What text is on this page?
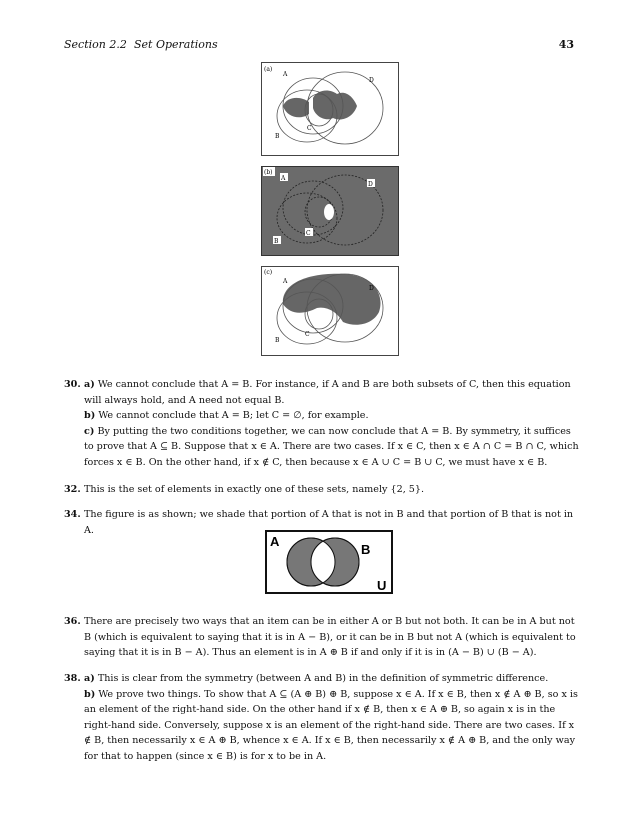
Section 2.2 Set Operations	43
(a)
A
D
B
C
(b)
A
D
C
B
(c)
A
D
C
B
30. a) We cannot conclude that A = B. For instance, if A and B are both subsets of C, then this equation will always hold, and A need not equal B.

b) We cannot conclude that A = B; let C = ∅, for example.

c) By putting the two conditions together, we can now conclude that A = B. By symmetry, it suffices to prove that A ⊆ B. Suppose that x ∈ A. There are two cases. If x ∈ C, then x ∈ A ∩ C = B ∩ C, which forces x ∈ B. On the other hand, if x ∉ C, then because x ∈ A ∪ C = B ∪ C, we must have x ∈ B.

32. This is the set of elements in exactly one of these sets, namely {2, 5}.

34. The figure is as shown; we shade that portion of A that is not in B and that portion of B that is not in A.

A
B
U
36. There are precisely two ways that an item can be in either A or B but not both. It can be in A but not B (which is equivalent to saying that it is in A − B), or it can be in B but not A (which is equivalent to saying that it is in B − A). Thus an element is in A ⊕ B if and only if it is in (A − B) ∪ (B − A).

38. a) This is clear from the symmetry (between A and B) in the definition of symmetric difference.

b) We prove two things. To show that A ⊆ (A ⊕ B) ⊕ B, suppose x ∈ A. If x ∈ B, then x ∉ A ⊕ B, so x is an element of the right-hand side. On the other hand if x ∉ B, then x ∈ A ⊕ B, so again x is in the right-hand side. Conversely, suppose x is an element of the right-hand side. There are two cases. If x ∉ B, then necessarily x ∈ A ⊕ B, whence x ∈ A. If x ∈ B, then necessarily x ∉ A ⊕ B, and the only way for that to happen (since x ∈ B) is for x to be in A.
